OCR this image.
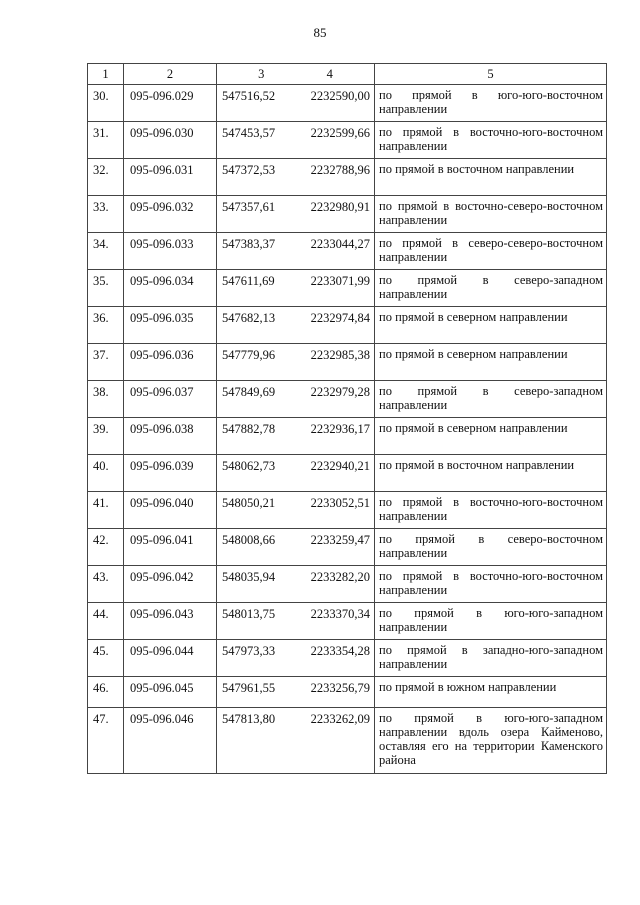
85
1	2	3 4	5
30.	095-096.029	547516,52 2232590,00	по прямой в юго-юго-восточном направлении

31.	095-096.030	547453,57 2232599,66	по прямой в восточно-юго-восточном направлении

32.	095-096.031	547372,53 2232788,96	по прямой в восточном направлении

33.	095-096.032	547357,61 2232980,91	по прямой в восточно-северо-восточном направлении

34.	095-096.033	547383,37 2233044,27	по прямой в северо-северо-восточном направлении

35.	095-096.034	547611,69 2233071,99	по прямой в северо-западном направлении

36.	095-096.035	547682,13 2232974,84	по прямой в северном направлении

37.	095-096.036	547779,96 2232985,38	по прямой в северном направлении

38.	095-096.037	547849,69 2232979,28	по прямой в северо-западном направлении

39.	095-096.038	547882,78 2232936,17	по прямой в северном направлении

40.	095-096.039	548062,73 2232940,21	по прямой в восточном направлении

41.	095-096.040	548050,21 2233052,51	по прямой в восточно-юго-восточном направлении

42.	095-096.041	548008,66 2233259,47	по прямой в северо-восточном направлении

43.	095-096.042	548035,94 2233282,20	по прямой в восточно-юго-восточном направлении

44.	095-096.043	548013,75 2233370,34	по прямой в юго-юго-западном направлении

45.	095-096.044	547973,33 2233354,28	по прямой в западно-юго-западном направлении

46.	095-096.045	547961,55 2233256,79	по прямой в южном направлении

47.	095-096.046	547813,80 2233262,09	по прямой в юго-юго-западном направлении вдоль озера Кайменово, оставляя его на территории Каменского района
